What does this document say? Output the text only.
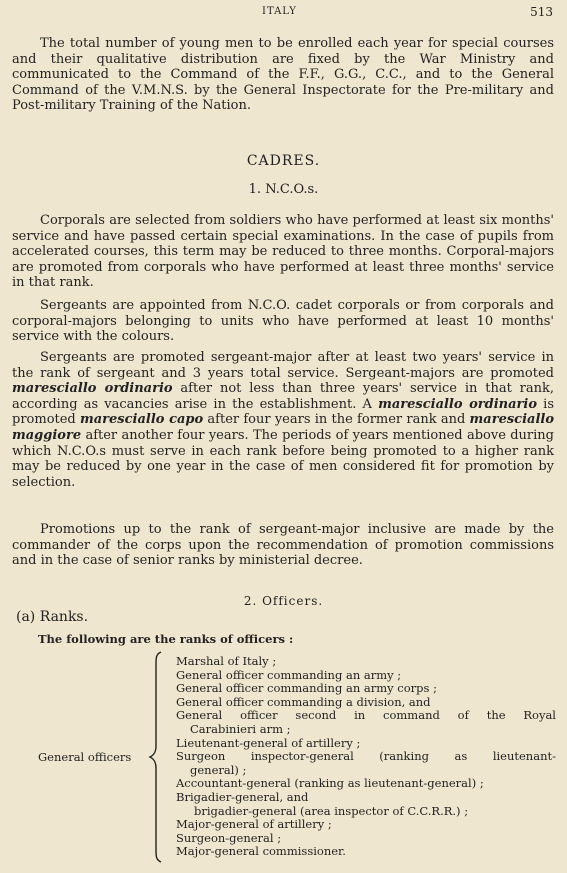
ITALY	513

The total number of young men to be enrolled each year for special courses and their qualitative distribution are fixed by the War Ministry and communicated to the Command of the F.F., G.G., C.C., and to the General Command of the V.M.N.S. by the General Inspectorate for the Pre-military and Post-military Training of the Nation.

CADRES.

1. N.C.O.s.

Corporals are selected from soldiers who have performed at least six months' service and have passed certain special examinations. In the case of pupils from accelerated courses, this term may be reduced to three months. Corporal-majors are promoted from corporals who have performed at least three months' service in that rank.

Sergeants are appointed from N.C.O. cadet corporals or from corporals and corporal-majors belonging to units who have performed at least 10 months' service with the colours.

Sergeants are promoted sergeant-major after at least two years' service in the rank of sergeant and 3 years total service. Sergeant-majors are promoted maresciallo ordinario after not less than three years' service in that rank, according as vacancies arise in the establishment. A maresciallo ordinario is promoted maresciallo capo after four years in the former rank and maresciallo maggiore after another four years. The periods of years mentioned above during which N.C.O.s must serve in each rank before being promoted to a higher rank may be reduced by one year in the case of men considered fit for promotion by selection.

Promotions up to the rank of sergeant-major inclusive are made by the commander of the corps upon the recommendation of promotion commissions and in the case of senior ranks by ministerial decree.

2. Officers.

(a) Ranks.

The following are the ranks of officers :

General officers
Marshal of Italy ;
General officer commanding an army ;
General officer commanding an army corps ;
General officer commanding a division, and
General officer second in command of the Royal
Carabinieri arm ;
Lieutenant-general of artillery ;
Surgeon inspector-general (ranking as lieutenant-
general) ;
Accountant-general (ranking as lieutenant-general) ;
Brigadier-general, and
brigadier-general (area inspector of C.C.R.R.) ;
Major-general of artillery ;
Surgeon-general ;
Major-general commissioner.
